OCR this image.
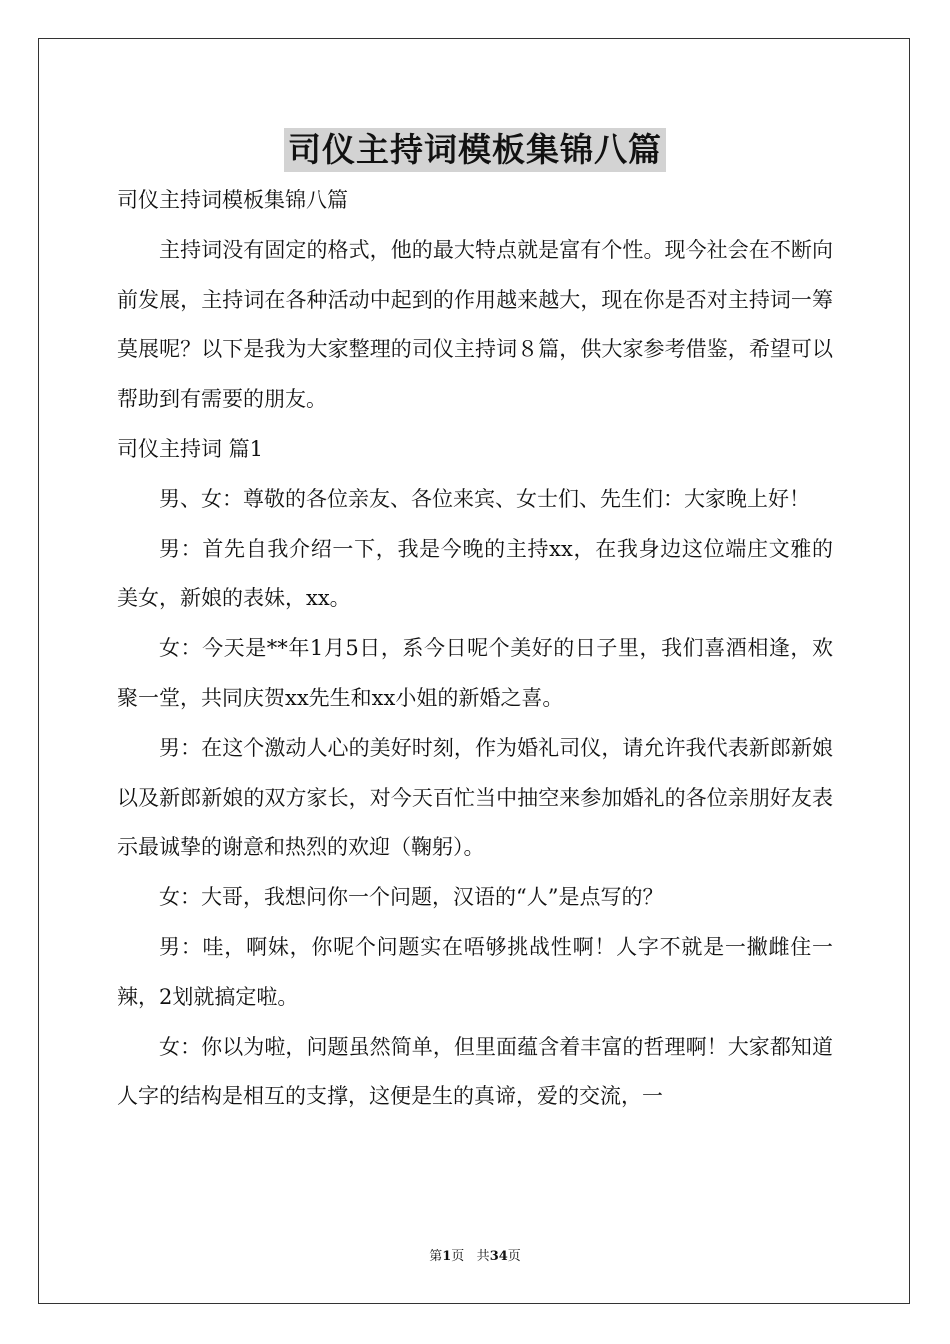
司仪主持词模板集锦八篇

司仪主持词模板集锦八篇

主持词没有固定的格式，他的最大特点就是富有个性。现今社会在不断向前发展，主持词在各种活动中起到的作用越来越大，现在你是否对主持词一筹莫展呢？以下是我为大家整理的司仪主持词８篇，供大家参考借鉴，希望可以帮助到有需要的朋友。

司仪主持词 篇1

男、女：尊敬的各位亲友、各位来宾、女士们、先生们：大家晚上好！

男：首先自我介绍一下，我是今晚的主持xx，在我身边这位端庄文雅的美女，新娘的表妹，xx。

女：今天是**年1月5日，系今日呢个美好的日子里，我们喜酒相逢，欢聚一堂，共同庆贺xx先生和xx小姐的新婚之喜。

男：在这个激动人心的美好时刻，作为婚礼司仪，请允许我代表新郎新娘以及新郎新娘的双方家长，对今天百忙当中抽空来参加婚礼的各位亲朋好友表示最诚挚的谢意和热烈的欢迎（鞠躬）。

女：大哥，我想问你一个问题，汉语的“人”是点写的？

男：哇，啊妹，你呢个问题实在唔够挑战性啊！人字不就是一撇雌住一辣，2划就搞定啦。

女：你以为啦，问题虽然简单，但里面蕴含着丰富的哲理啊！大家都知道人字的结构是相互的支撑，这便是生的真谛，爱的交流，一

第1页 共34页
